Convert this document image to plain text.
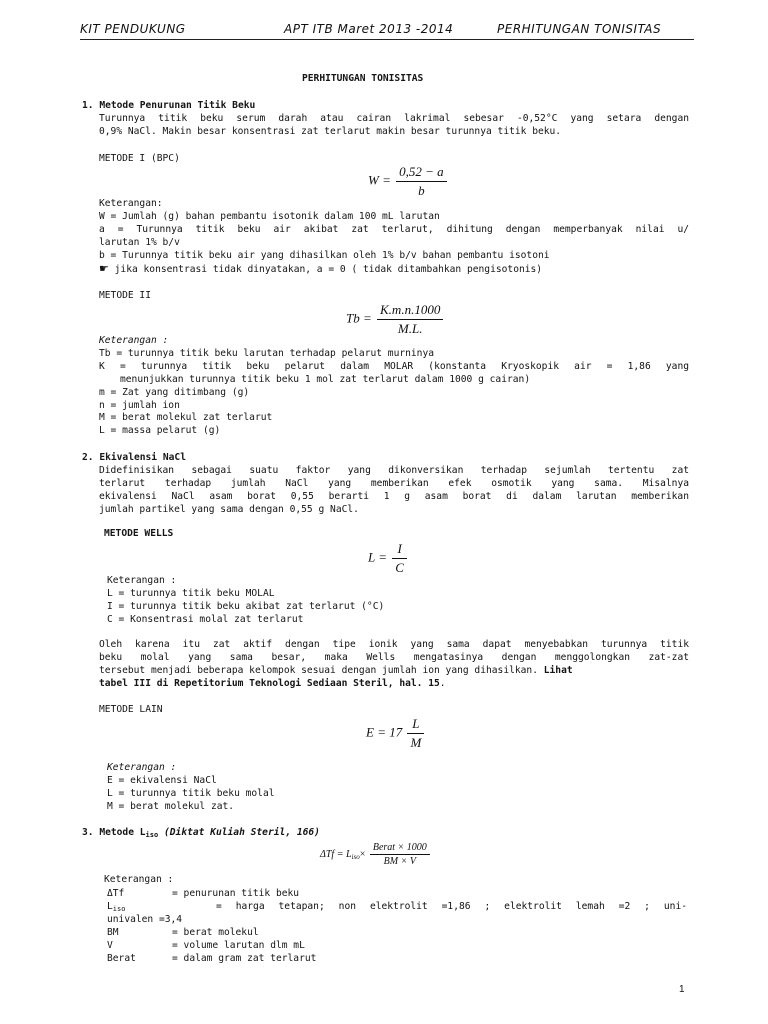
KIT PENDUKUNG	APT ITB Maret 2013 -2014	PERHITUNGAN TONISITAS
PERHITUNGAN TONISITAS
1. Metode Penurunan Titik Beku
Turunnya titik beku serum darah atau cairan lakrimal sebesar -0,52°C yang setara dengan
0,9% NaCl. Makin besar konsentrasi zat terlarut makin besar turunnya titik beku.
METODE I (BPC)
$W = \frac{0,52 - a}{b}$
Keterangan:
W = Jumlah (g) bahan pembantu isotonik dalam 100 mL larutan
a = Turunnya titik beku air akibat zat terlarut, dihitung dengan memperbanyak nilai u/
larutan 1% b/v
b = Turunnya titik beku air yang dihasilkan oleh 1% b/v bahan pembantu isotoni
☛ jika konsentrasi tidak dinyatakan, a = 0 ( tidak ditambahkan pengisotonis)
METODE II
$Tb = \frac{K.m.n.1000}{M.L.}$
Keterangan :
Tb = turunnya titik beku larutan terhadap pelarut murninya
K = turunnya titik beku pelarut dalam MOLAR (konstanta Kryoskopik air = 1,86 yang
menunjukkan turunnya titik beku 1 mol zat terlarut dalam 1000 g cairan)
m = Zat yang ditimbang (g)
n = jumlah ion
M = berat molekul zat terlarut
L = massa pelarut (g)
2. Ekivalensi NaCl
Didefinisikan sebagai suatu faktor yang dikonversikan terhadap sejumlah tertentu zat
terlarut terhadap jumlah NaCl yang memberikan efek osmotik yang sama. Misalnya
ekivalensi NaCl asam borat 0,55 berarti 1 g asam borat di dalam larutan memberikan
jumlah partikel yang sama dengan 0,55 g NaCl.
METODE WELLS
$L = \frac{I}{C}$
Keterangan :
L = turunnya titik beku MOLAL
I = turunnya titik beku akibat zat terlarut (°C)
C = Konsentrasi molal zat terlarut
Oleh karena itu zat aktif dengan tipe ionik yang sama dapat menyebabkan turunnya titik
beku molal yang sama besar, maka Wells mengatasinya dengan menggolongkan zat-zat
tersebut menjadi beberapa kelompok sesuai dengan jumlah ion yang dihasilkan. Lihat
tabel III di Repetitorium Teknologi Sediaan Steril, hal. 15.
METODE LAIN
$E = 17 \frac{L}{M}$
Keterangan :
E = ekivalensi NaCl
L = turunnya titik beku molal
M = berat molekul zat.
3. Metode $L_{iso}$ (Diktat Kuliah Steril, 166)
$\Delta Tf = L_{iso}\times \frac{\text{Berat × 1000}}{BM \times V}$
Keterangan :
ΔTf	= penurunan titik beku
$L_{iso}$	= harga tetapan; non elektrolit =1,86 ; elektrolit lemah =2 ; uni-
univalen =3,4
BM	= berat molekul
V	= volume larutan dlm mL
Berat	= dalam gram zat terlarut
1
